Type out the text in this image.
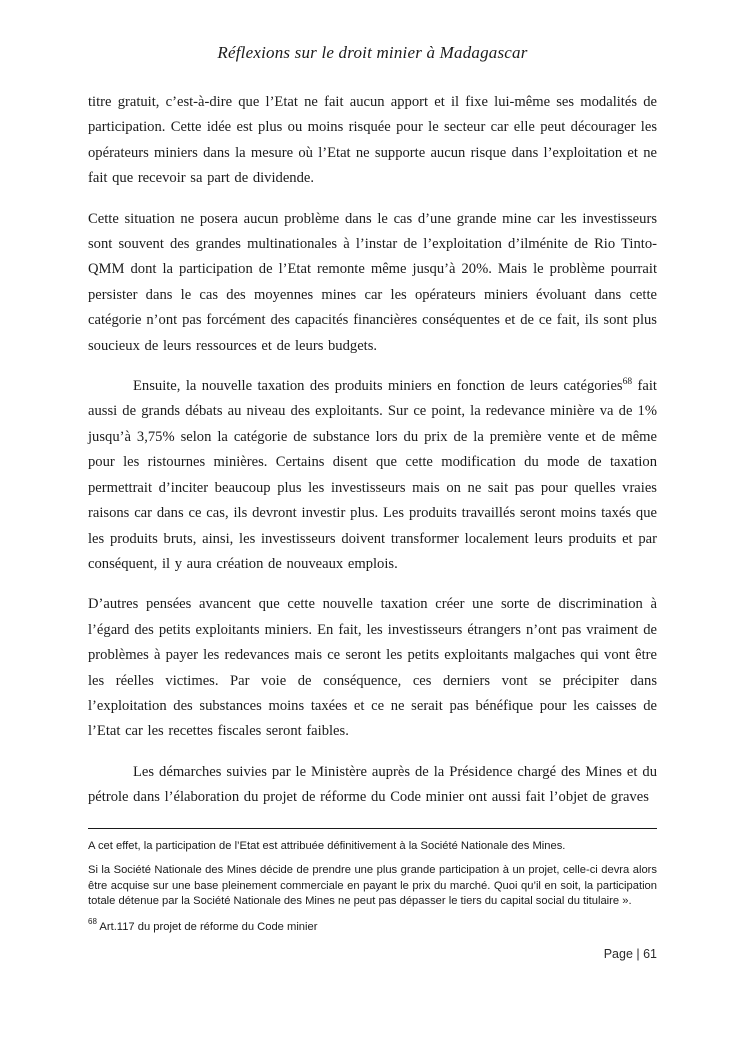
Réflexions sur le droit minier à Madagascar

titre gratuit, c’est-à-dire que l’Etat ne fait aucun apport et il fixe lui-même ses modalités de participation. Cette idée est plus ou moins risquée pour le secteur car elle peut décourager les opérateurs miniers dans la mesure où l’Etat ne supporte aucun risque dans l’exploitation et ne fait que recevoir sa part de dividende.

Cette situation ne posera aucun problème dans le cas d’une grande mine car les investisseurs sont souvent des grandes multinationales à l’instar de l’exploitation d’ilménite de Rio Tinto-QMM dont la participation de l’Etat remonte même jusqu’à 20%. Mais le problème pourrait persister dans le cas des moyennes mines car les opérateurs miniers évoluant dans cette catégorie n’ont pas forcément des capacités financières conséquentes et de ce fait, ils sont plus soucieux de leurs ressources et de leurs budgets.

Ensuite, la nouvelle taxation des produits miniers en fonction de leurs catégories$^{68}$ fait aussi de grands débats au niveau des exploitants. Sur ce point, la redevance minière va de 1% jusqu’à 3,75% selon la catégorie de substance lors du prix de la première vente et de même pour les ristournes minières. Certains disent que cette modification du mode de taxation permettrait d’inciter beaucoup plus les investisseurs mais on ne sait pas pour quelles vraies raisons car dans ce cas, ils devront investir plus. Les produits travaillés seront moins taxés que les produits bruts, ainsi, les investisseurs doivent transformer localement leurs produits et par conséquent, il y aura création de nouveaux emplois.

D’autres pensées avancent que cette nouvelle taxation créer une sorte de discrimination à l’égard des petits exploitants miniers. En fait, les investisseurs étrangers n’ont pas vraiment de problèmes à payer les redevances mais ce seront les petits exploitants malgaches qui vont être les réelles victimes. Par voie de conséquence, ces derniers vont se précipiter dans l’exploitation des substances moins taxées et ce ne serait pas bénéfique pour les caisses de l’Etat car les recettes fiscales seront faibles.

Les démarches suivies par le Ministère auprès de la Présidence chargé des Mines et du pétrole dans l’élaboration du projet de réforme du Code minier ont aussi fait l’objet de graves

A cet effet, la participation de l’Etat est attribuée définitivement à la Société Nationale des Mines.

Si la Société Nationale des Mines décide de prendre une plus grande participation à un projet, celle-ci devra alors être acquise sur une base pleinement commerciale en payant le prix du marché. Quoi qu’il en soit, la participation totale détenue par la Société Nationale des Mines ne peut pas dépasser le tiers du capital social du titulaire ».

$^{68}$ Art.117 du projet de réforme du Code minier

Page | 61
